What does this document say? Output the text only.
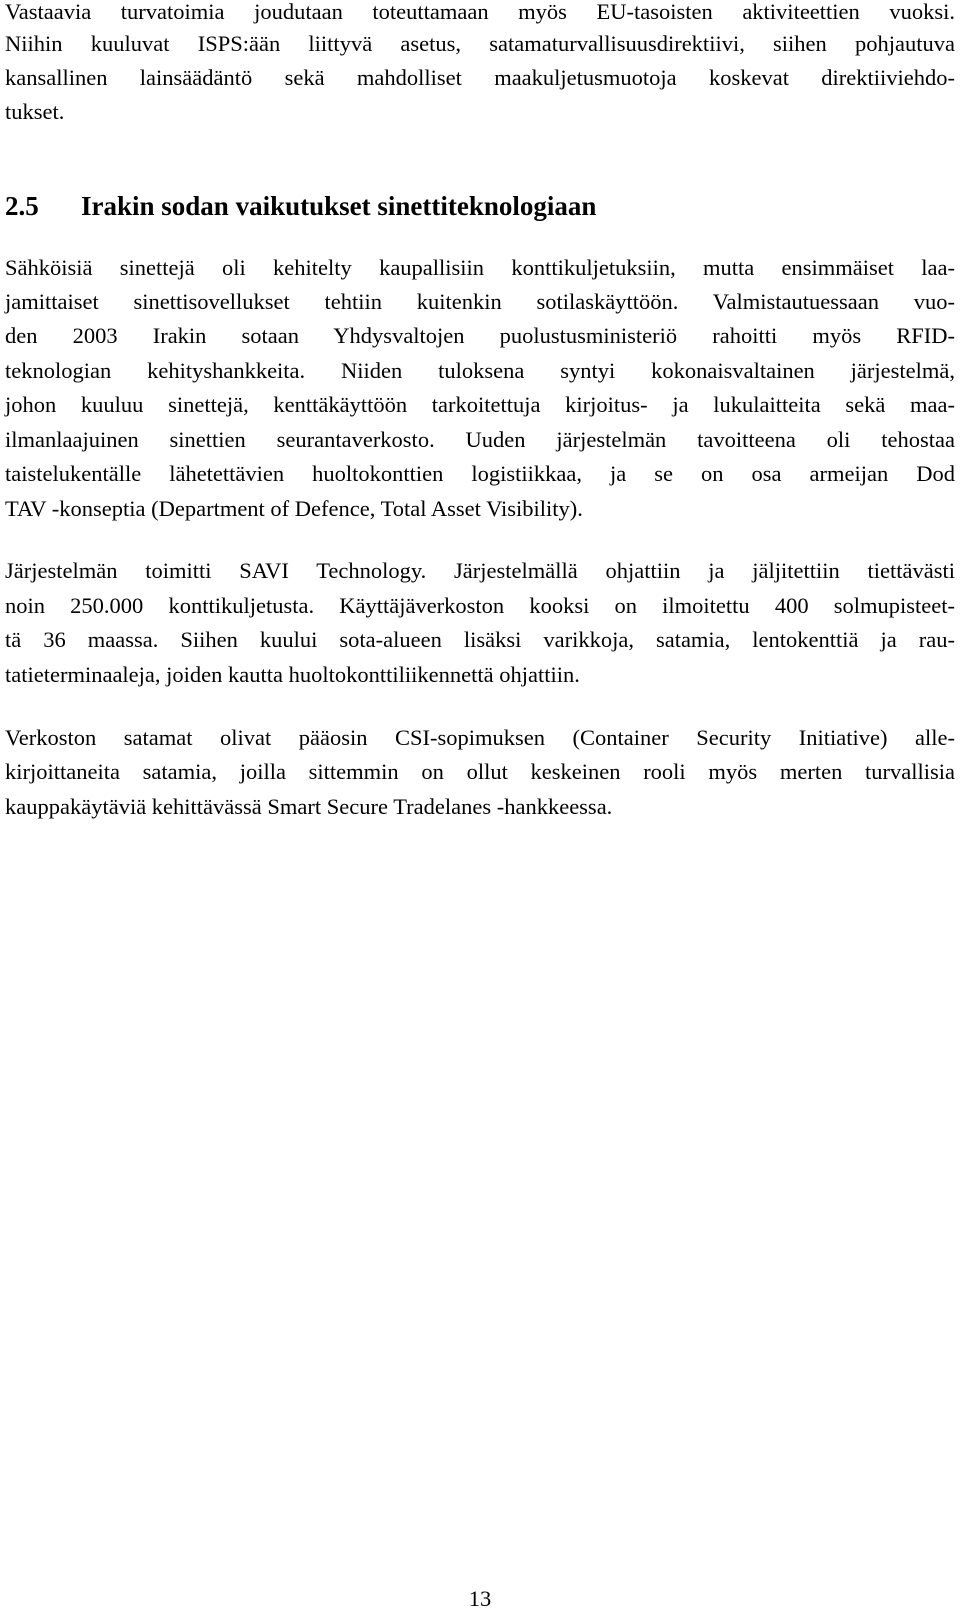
Vastaavia turvatoimia joudutaan toteuttamaan myös EU-tasoisten aktiviteettien vuoksi.
Niihin kuuluvat ISPS:ään liittyvä asetus, satamaturvallisuusdirektiivi, siihen pohjautuva
kansallinen lainsäädäntö sekä mahdolliset maakuljetusmuotoja koskevat direktiiviehdo-
tukset.
2.5 Irakin sodan vaikutukset sinettiteknologiaan
Sähköisiä sinettejä oli kehitelty kaupallisiin konttikuljetuksiin, mutta ensimmäiset laa-
jamittaiset sinettisovellukset tehtiin kuitenkin sotilaskäyttöön. Valmistautuessaan vuo-
den 2003 Irakin sotaan Yhdysvaltojen puolustusministeriö rahoitti myös RFID-
teknologian kehityshankkeita. Niiden tuloksena syntyi kokonaisvaltainen järjestelmä,
johon kuuluu sinettejä, kenttäkäyttöön tarkoitettuja kirjoitus- ja lukulaitteita sekä maa-
ilmanlaajuinen sinettien seurantaverkosto. Uuden järjestelmän tavoitteena oli tehostaa
taistelukentälle lähetettävien huoltokonttien logistiikkaa, ja se on osa armeijan Dod
TAV -konseptia (Department of Defence, Total Asset Visibility).
Järjestelmän toimitti SAVI Technology. Järjestelmällä ohjattiin ja jäljitettiin tiettävästi
noin 250.000 konttikuljetusta. Käyttäjäverkoston kooksi on ilmoitettu 400 solmupisteet-
tä 36 maassa. Siihen kuului sota-alueen lisäksi varikkoja, satamia, lentokenttiä ja rau-
tatieterminaaleja, joiden kautta huoltokonttiliikennettä ohjattiin.
Verkoston satamat olivat pääosin CSI-sopimuksen (Container Security Initiative) alle-
kirjoittaneita satamia, joilla sittemmin on ollut keskeinen rooli myös merten turvallisia
kauppakäytäviä kehittävässä Smart Secure Tradelanes -hankkeessa.
13
